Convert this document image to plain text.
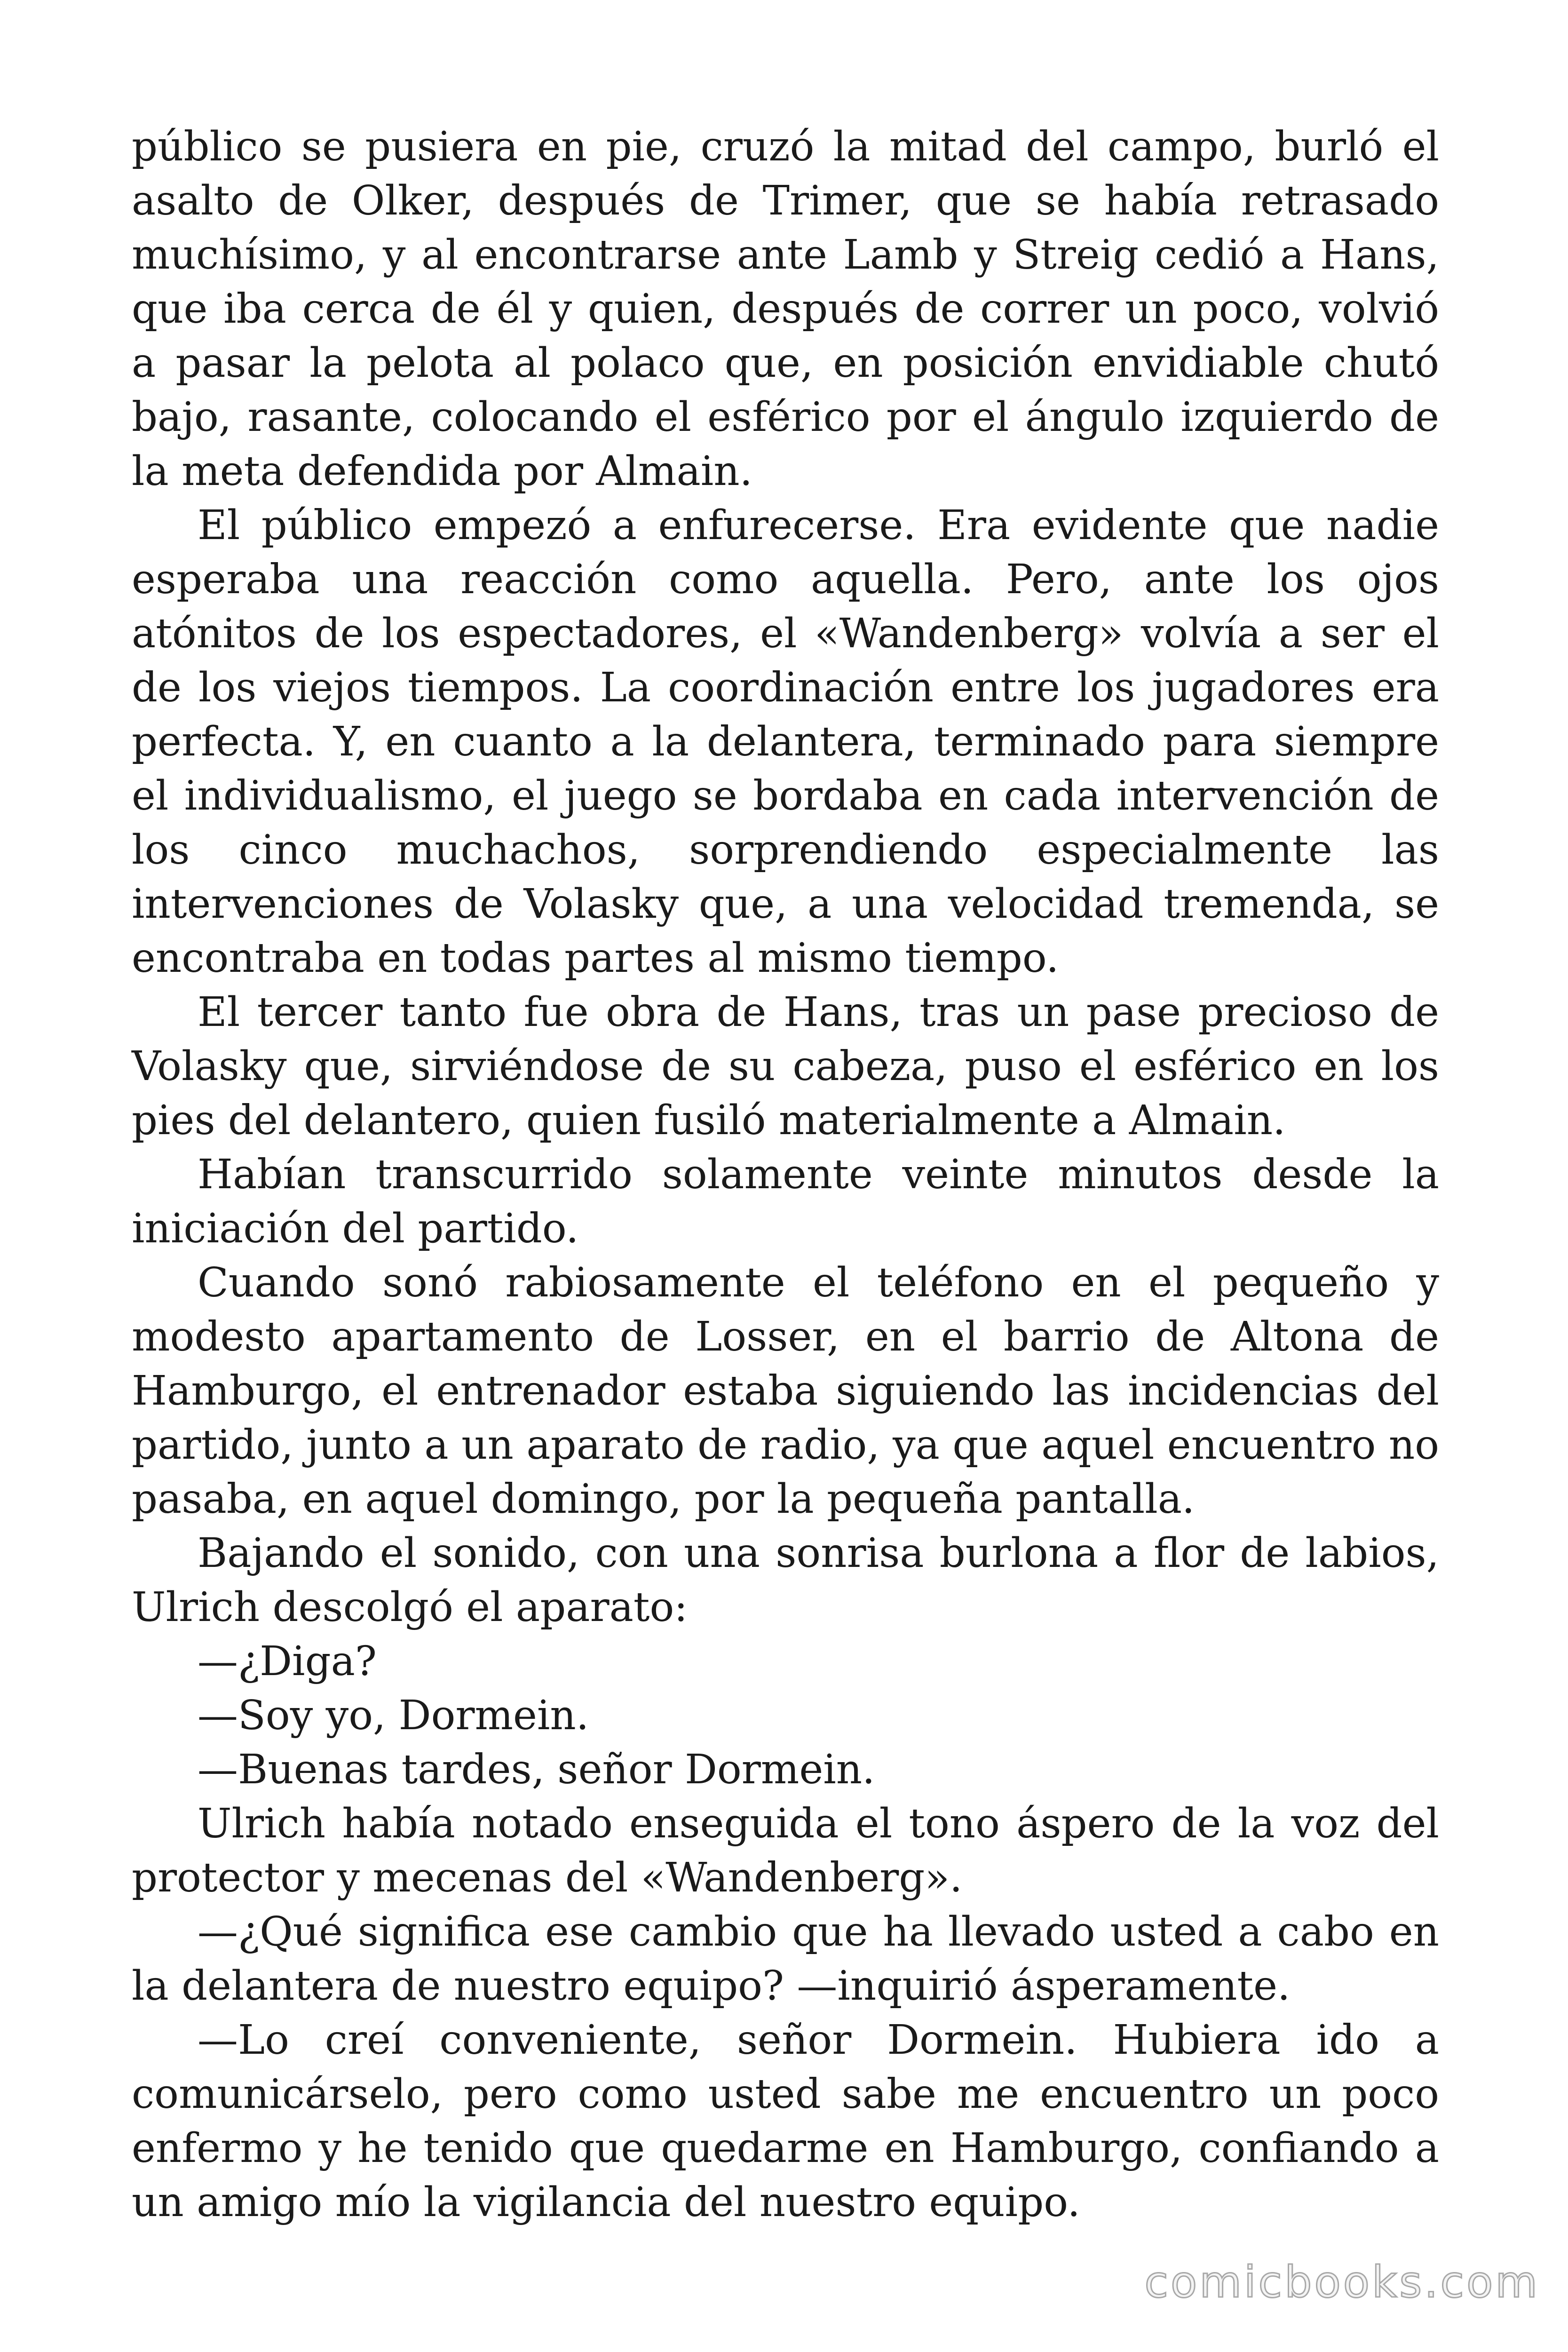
público se pusiera en pie, cruzó la mitad del campo, burló el asalto de Olker, después de Trimer, que se había retrasado muchísimo, y al encontrarse ante Lamb y Streig cedió a Hans, que iba cerca de él y quien, después de correr un poco, volvió a pasar la pelota al polaco que, en posición envidiable chutó bajo, rasante, colocando el esférico por el ángulo izquierdo de la meta defendida por Almain.

El público empezó a enfurecerse. Era evidente que nadie esperaba una reacción como aquella. Pero, ante los ojos atónitos de los espectadores, el «Wandenberg» volvía a ser el de los viejos tiempos. La coordinación entre los jugadores era perfecta. Y, en cuanto a la delantera, terminado para siempre el individualismo, el juego se bordaba en cada intervención de los cinco muchachos, sorprendiendo especialmente las intervenciones de Volasky que, a una velocidad tremenda, se encontraba en todas partes al mismo tiempo.

El tercer tanto fue obra de Hans, tras un pase precioso de Volasky que, sirviéndose de su cabeza, puso el esférico en los pies del delantero, quien fusiló materialmente a Almain.

Habían transcurrido solamente veinte minutos desde la iniciación del partido.

Cuando sonó rabiosamente el teléfono en el pequeño y modesto apartamento de Losser, en el barrio de Altona de Hamburgo, el entrenador estaba siguiendo las incidencias del partido, junto a un aparato de radio, ya que aquel encuentro no pasaba, en aquel domingo, por la pequeña pantalla.

Bajando el sonido, con una sonrisa burlona a flor de labios, Ulrich descolgó el aparato:

—¿Diga?

—Soy yo, Dormein.

—Buenas tardes, señor Dormein.

Ulrich había notado enseguida el tono áspero de la voz del protector y mecenas del «Wandenberg».

—¿Qué significa ese cambio que ha llevado usted a cabo en la delantera de nuestro equipo? —inquirió ásperamente.

—Lo creí conveniente, señor Dormein. Hubiera ido a comunicárselo, pero como usted sabe me encuentro un poco enfermo y he tenido que quedarme en Hamburgo, confiando a un amigo mío la vigilancia del nuestro equipo.

comicbooks.com
